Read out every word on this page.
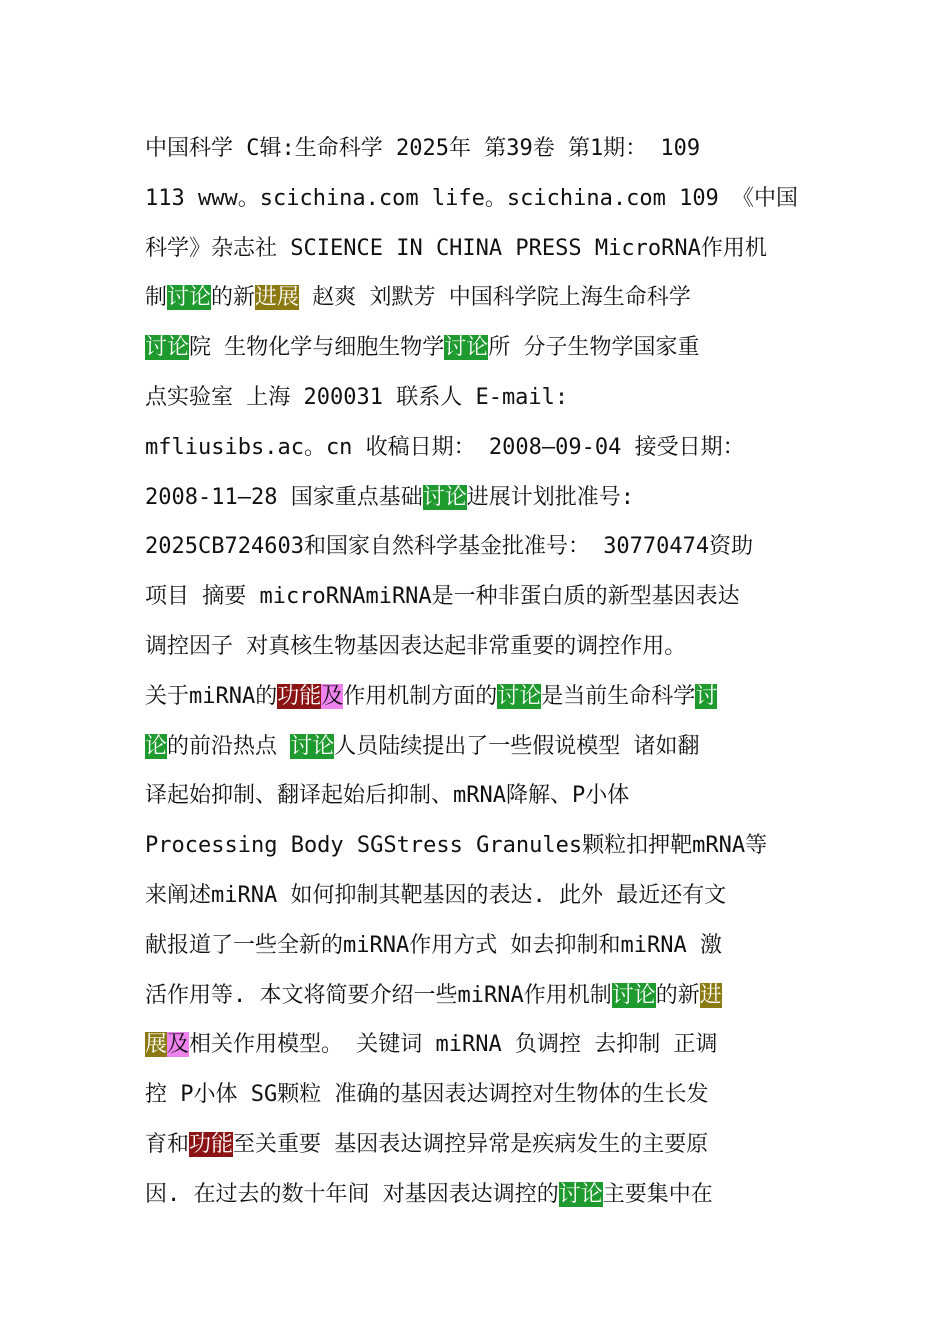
中国科学 C辑:生命科学 2025年 第39卷 第1期： 109
113 www。scichina.com life。scichina.com 109 《中国
科学》杂志社 SCIENCE IN CHINA PRESS MicroRNA作用机
制讨论的新进展 赵爽 刘默芳 中国科学院上海生命科学
讨论院 生物化学与细胞生物学讨论所 分子生物学国家重
点实验室 上海 200031 联系人 E-mail:
mfliusibs.ac。cn 收稿日期： 2008—09-04 接受日期：
2008-11—28 国家重点基础讨论进展计划批准号:
2025CB724603和国家自然科学基金批准号： 30770474资助
项目 摘要 microRNAmiRNA是一种非蛋白质的新型基因表达
调控因子 对真核生物基因表达起非常重要的调控作用。
关于miRNA的功能及作用机制方面的讨论是当前生命科学讨
论的前沿热点 讨论人员陆续提出了一些假说模型 诸如翻
译起始抑制、翻译起始后抑制、mRNA降解、P小体
Processing Body SGStress Granules颗粒扣押靶mRNA等
来阐述miRNA 如何抑制其靶基因的表达. 此外 最近还有文
献报道了一些全新的miRNA作用方式 如去抑制和miRNA 激
活作用等. 本文将简要介绍一些miRNA作用机制讨论的新进
展及相关作用模型。 关键词 miRNA 负调控 去抑制 正调
控 P小体 SG颗粒 准确的基因表达调控对生物体的生长发
育和功能至关重要 基因表达调控异常是疾病发生的主要原
因. 在过去的数十年间 对基因表达调控的讨论主要集中在
